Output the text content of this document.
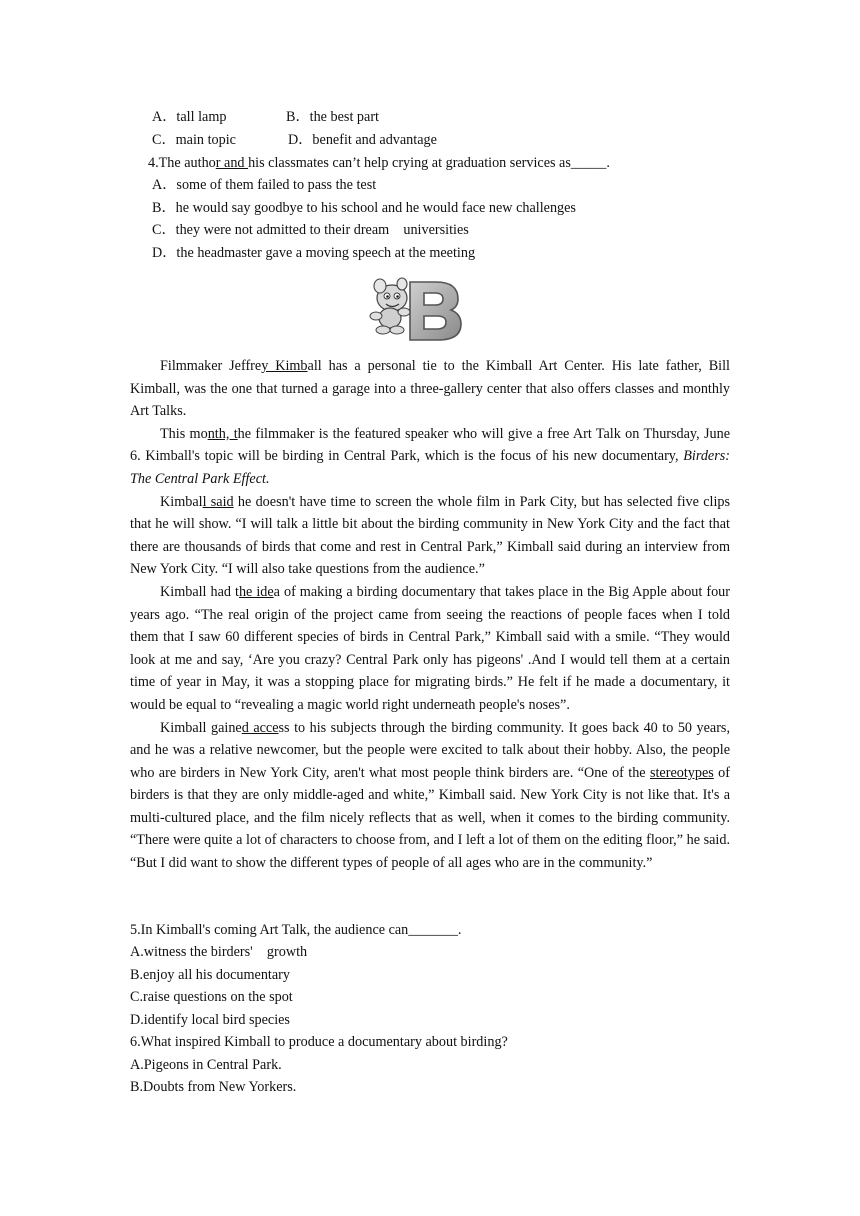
A．tall lamp	B．the best part
C．main topic	D．benefit and advantage
4.The author and his classmates can’t help crying at graduation services as_____.
A．some of them failed to pass the test
B．he would say goodbye to his school and he would face new challenges
C．they were not admitted to their dream　universities
D．the headmaster gave a moving speech at the meeting
B

Filmmaker Jeffrey Kimball has a personal tie to the Kimball Art Center. His late father, Bill Kimball, was the one that turned a garage into a three-gallery center that also offers classes and monthly Art Talks.

This month, the filmmaker is the featured speaker who will give a free Art Talk on Thursday, June 6. Kimball's topic will be birding in Central Park, which is the focus of his new documentary, Birders: The Central Park Effect.

Kimball said he doesn't have time to screen the whole film in Park City, but has selected five clips that he will show. “I will talk a little bit about the birding community in New York City and the fact that there are thousands of birds that come and rest in Central Park,” Kimball said during an interview from New York City. “I will also take questions from the audience.”

Kimball had the idea of making a birding documentary that takes place in the Big Apple about four years ago. “The real origin of the project came from seeing the reactions of people faces when I told them that I saw 60 different species of birds in Central Park,” Kimball said with a smile. “They would look at me and say, ‘Are you crazy? Central Park only has pigeons' .And I would tell them at a certain time of year in May, it was a stopping place for migrating birds.” He felt if he made a documentary, it would be equal to “revealing a magic world right underneath people's noses”.

Kimball gained access to his subjects through the birding community. It goes back 40 to 50 years, and he was a relative newcomer, but the people were excited to talk about their hobby. Also, the people who are birders in New York City, aren't what most people think birders are. “One of the stereotypes of birders is that they are only middle-aged and white,” Kimball said. New York City is not like that. It's a multi-cultured place, and the film nicely reflects that as well, when it comes to the birding community. “There were quite a lot of characters to choose from, and I left a lot of them on the editing floor,” he said. “But I did want to show the different types of people of all ages who are in the community.”

5.In Kimball's coming Art Talk, the audience can_______.
A.witness the birders'　growth
B.enjoy all his documentary
C.raise questions on the spot
D.identify local bird species
6.What inspired Kimball to produce a documentary about birding?
A.Pigeons in Central Park.
B.Doubts from New Yorkers.
